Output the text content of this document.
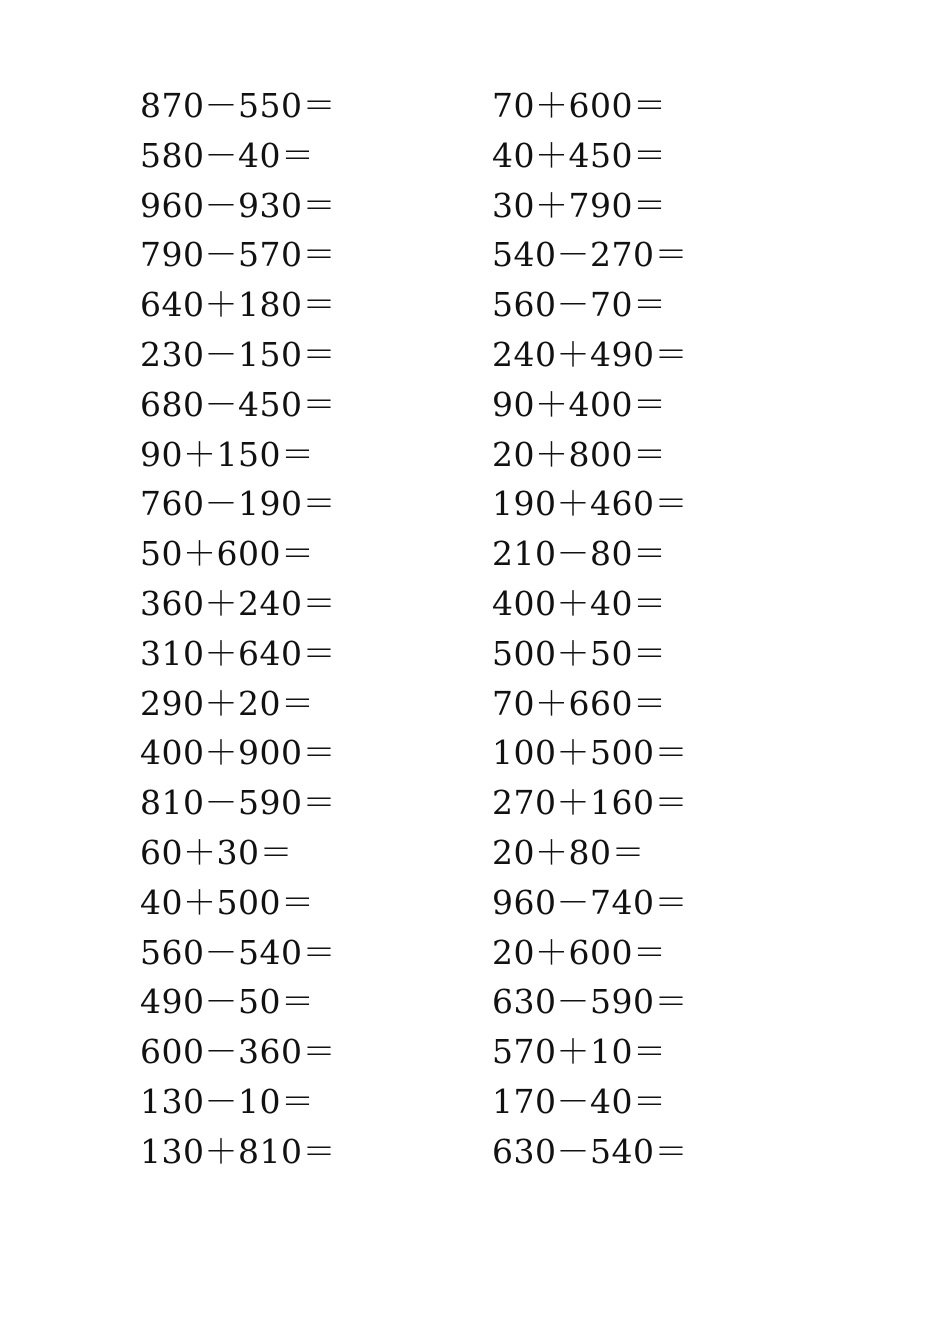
870－550＝
580－40＝
960－930＝
790－570＝
640＋180＝
230－150＝
680－450＝
90＋150＝
760－190＝
50＋600＝
360＋240＝
310＋640＝
290＋20＝
400＋900＝
810－590＝
60＋30＝
40＋500＝
560－540＝
490－50＝
600－360＝
130－10＝
130＋810＝
70＋600＝
40＋450＝
30＋790＝
540－270＝
560－70＝
240＋490＝
90＋400＝
20＋800＝
190＋460＝
210－80＝
400＋40＝
500＋50＝
70＋660＝
100＋500＝
270＋160＝
20＋80＝
960－740＝
20＋600＝
630－590＝
570＋10＝
170－40＝
630－540＝
